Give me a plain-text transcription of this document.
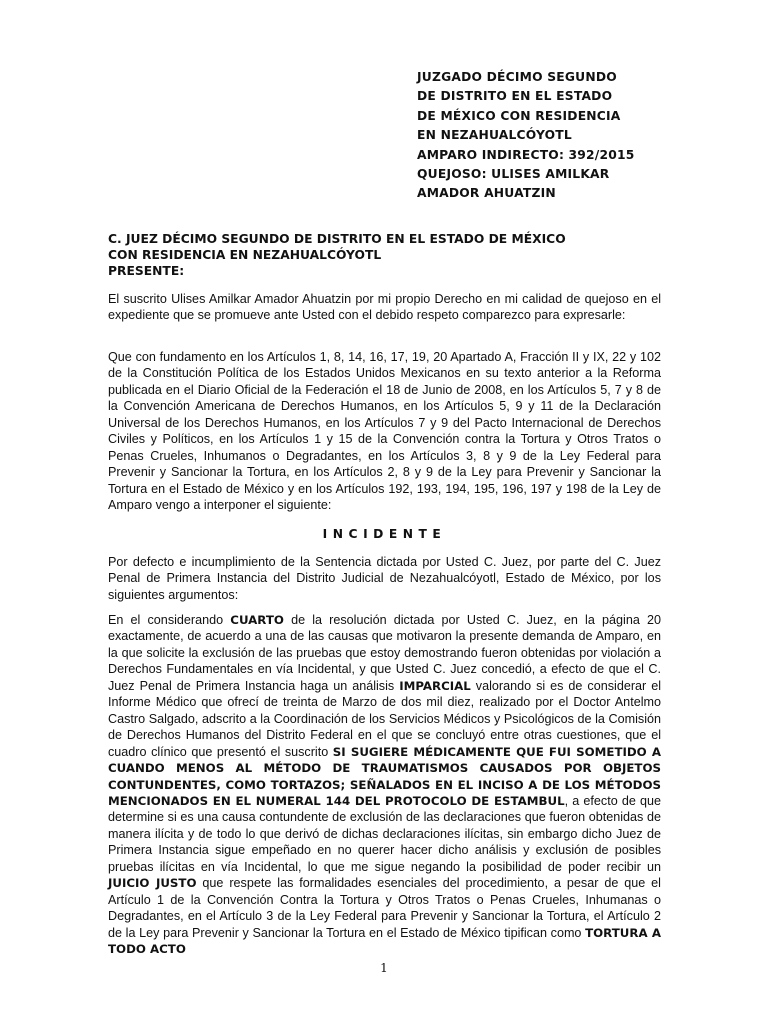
JUZGADO DÉCIMO SEGUNDO
DE DISTRITO EN EL ESTADO
DE MÉXICO CON RESIDENCIA
EN NEZAHUALCÓYOTL
AMPARO INDIRECTO: 392/2015
QUEJOSO: ULISES AMILKAR
AMADOR AHUATZIN
C. JUEZ DÉCIMO SEGUNDO DE DISTRITO EN EL ESTADO DE MÉXICO
CON RESIDENCIA EN NEZAHUALCÓYOTL
PRESENTE:

El suscrito Ulises Amilkar Amador Ahuatzin por mi propio Derecho en mi calidad de quejoso en el expediente que se promueve ante Usted con el debido respeto comparezco para expresarle:

Que con fundamento en los Artículos 1, 8, 14, 16, 17, 19, 20 Apartado A, Fracción II y IX, 22 y 102 de la Constitución Política de los Estados Unidos Mexicanos en su texto anterior a la Reforma publicada en el Diario Oficial de la Federación el 18 de Junio de 2008, en los Artículos 5, 7 y 8 de la Convención Americana de Derechos Humanos, en los Artículos 5, 9 y 11 de la Declaración Universal de los Derechos Humanos, en los Artículos 7 y 9 del Pacto Internacional de Derechos Civiles y Políticos, en los Artículos 1 y 15 de la Convención contra la Tortura y Otros Tratos o Penas Crueles, Inhumanos o Degradantes, en los Artículos 3, 8 y 9 de la Ley Federal para Prevenir y Sancionar la Tortura, en los Artículos 2, 8 y 9 de la Ley para Prevenir y Sancionar la Tortura en el Estado de México y en los Artículos 192, 193, 194, 195, 196, 197 y 198 de la Ley de Amparo vengo a interponer el siguiente:

INCIDENTE

Por defecto e incumplimiento de la Sentencia dictada por Usted C. Juez, por parte del C. Juez Penal de Primera Instancia del Distrito Judicial de Nezahualcóyotl, Estado de México, por los siguientes argumentos:

En el considerando CUARTO de la resolución dictada por Usted C. Juez, en la página 20 exactamente, de acuerdo a una de las causas que motivaron la presente demanda de Amparo, en la que solicite la exclusión de las pruebas que estoy demostrando fueron obtenidas por violación a Derechos Fundamentales en vía Incidental, y que Usted C. Juez concedió, a efecto de que el C. Juez Penal de Primera Instancia haga un análisis IMPARCIAL valorando si es de considerar el Informe Médico que ofrecí de treinta de Marzo de dos mil diez, realizado por el Doctor Antelmo Castro Salgado, adscrito a la Coordinación de los Servicios Médicos y Psicológicos de la Comisión de Derechos Humanos del Distrito Federal en el que se concluyó entre otras cuestiones, que el cuadro clínico que presentó el suscrito SI SUGIERE MÉDICAMENTE QUE FUI SOMETIDO A CUANDO MENOS AL MÉTODO DE TRAUMATISMOS CAUSADOS POR OBJETOS CONTUNDENTES, COMO TORTAZOS; SEÑALADOS EN EL INCISO A DE LOS MÉTODOS MENCIONADOS EN EL NUMERAL 144 DEL PROTOCOLO DE ESTAMBUL, a efecto de que determine si es una causa contundente de exclusión de las declaraciones que fueron obtenidas de manera ilícita y de todo lo que derivó de dichas declaraciones ilícitas, sin embargo dicho Juez de Primera Instancia sigue empeñado en no querer hacer dicho análisis y exclusión de posibles pruebas ilícitas en vía Incidental, lo que me sigue negando la posibilidad de poder recibir un JUICIO JUSTO que respete las formalidades esenciales del procedimiento, a pesar de que el Artículo 1 de la Convención Contra la Tortura y Otros Tratos o Penas Crueles, Inhumanas o Degradantes, en el Artículo 3 de la Ley Federal para Prevenir y Sancionar la Tortura, el Artículo 2 de la Ley para Prevenir y Sancionar la Tortura en el Estado de México tipifican como TORTURA A TODO ACTO

1
